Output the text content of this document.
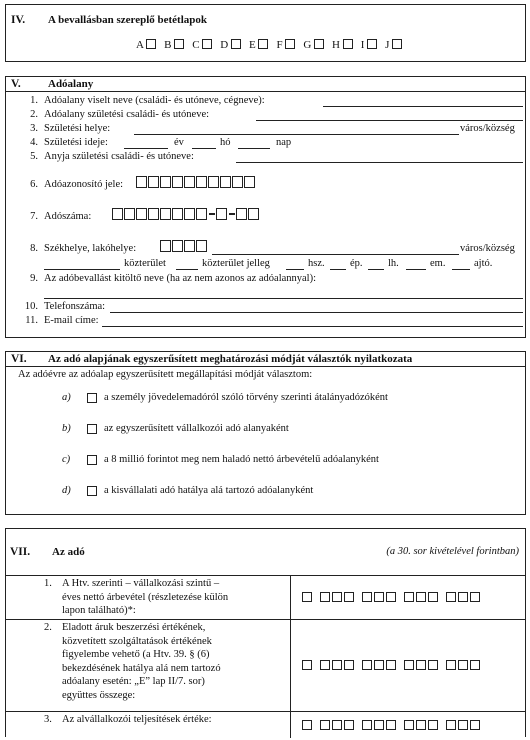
IV. A bevallásban szereplő betétlapok
A B C D E F G H I J
V. Adóalany
1. Adóalany viselt neve (családi- és utóneve, cégneve):
2. Adóalany születési családi- és utóneve:
3. Születési helye:	város/község
4. Születési ideje:	év	hó	nap
5. Anyja születési családi- és utóneve:
6. Adóazonosító jele:
7. Adószáma:
8. Székhelye, lakóhelye:	város/község
közterület	közterület jelleg	hsz. ép. lh.	em.	ajtó.
9. Az adóbevallást kitöltő neve (ha az nem azonos az adóalannyal):
10. Telefonszáma:
11. E-mail címe:
VI. Az adó alapjának egyszerűsített meghatározási módját választók nyilatkozata
Az adóévre az adóalap egyszerűsített megállapítási módját választom:
a)	a személy jövedelemadóról szóló törvény szerinti átalányadózóként
b)	az egyszerűsített vállalkozói adó alanyaként
c)	a 8 millió forintot meg nem haladó nettó árbevételű adóalanyként
d)	a kisvállalati adó hatálya alá tartozó adóalanyként
VII. Az adó	(a 30. sor kivételével forintban)
1. A Htv. szerinti – vállalkozási szintű –
éves nettó árbevétel (részletezése külön
lapon található)*:
2. Eladott áruk beszerzési értékének,
közvetített szolgáltatások értékének
figyelembe vehető (a Htv. 39. § (6)
bekezdésének hatálya alá nem tartozó
adóalany esetén: „E” lap II/7. sor)
együttes összege:
3. Az alvállalkozói teljesítések értéke:
